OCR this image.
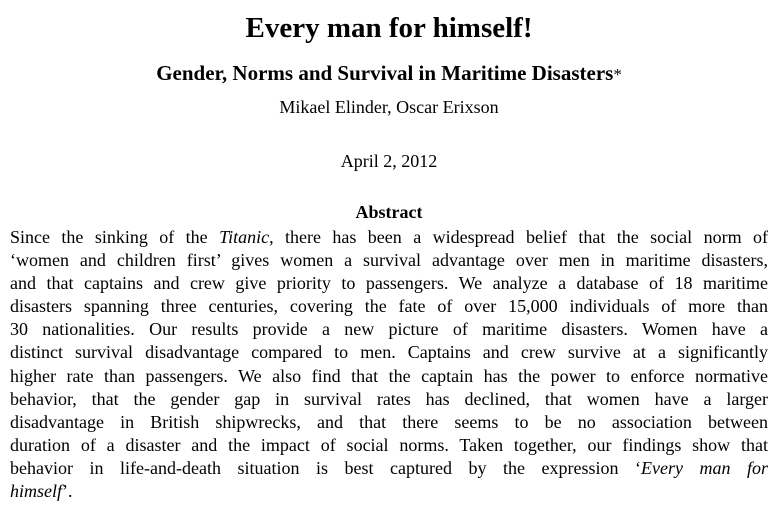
Every man for himself!
Gender, Norms and Survival in Maritime Disasters*

Mikael Elinder, Oscar Erixson

April 2, 2012

Abstract
Since the sinking of the Titanic, there has been a widespread belief that the social norm of
‘women and children first’ gives women a survival advantage over men in maritime disasters,
and that captains and crew give priority to passengers. We analyze a database of 18 maritime
disasters spanning three centuries, covering the fate of over 15,000 individuals of more than
30 nationalities. Our results provide a new picture of maritime disasters. Women have a
distinct survival disadvantage compared to men. Captains and crew survive at a significantly
higher rate than passengers. We also find that the captain has the power to enforce normative
behavior, that the gender gap in survival rates has declined, that women have a larger
disadvantage in British shipwrecks, and that there seems to be no association between
duration of a disaster and the impact of social norms. Taken together, our findings show that
behavior in life-and-death situation is best captured by the expression ‘Every man for
himself’.
